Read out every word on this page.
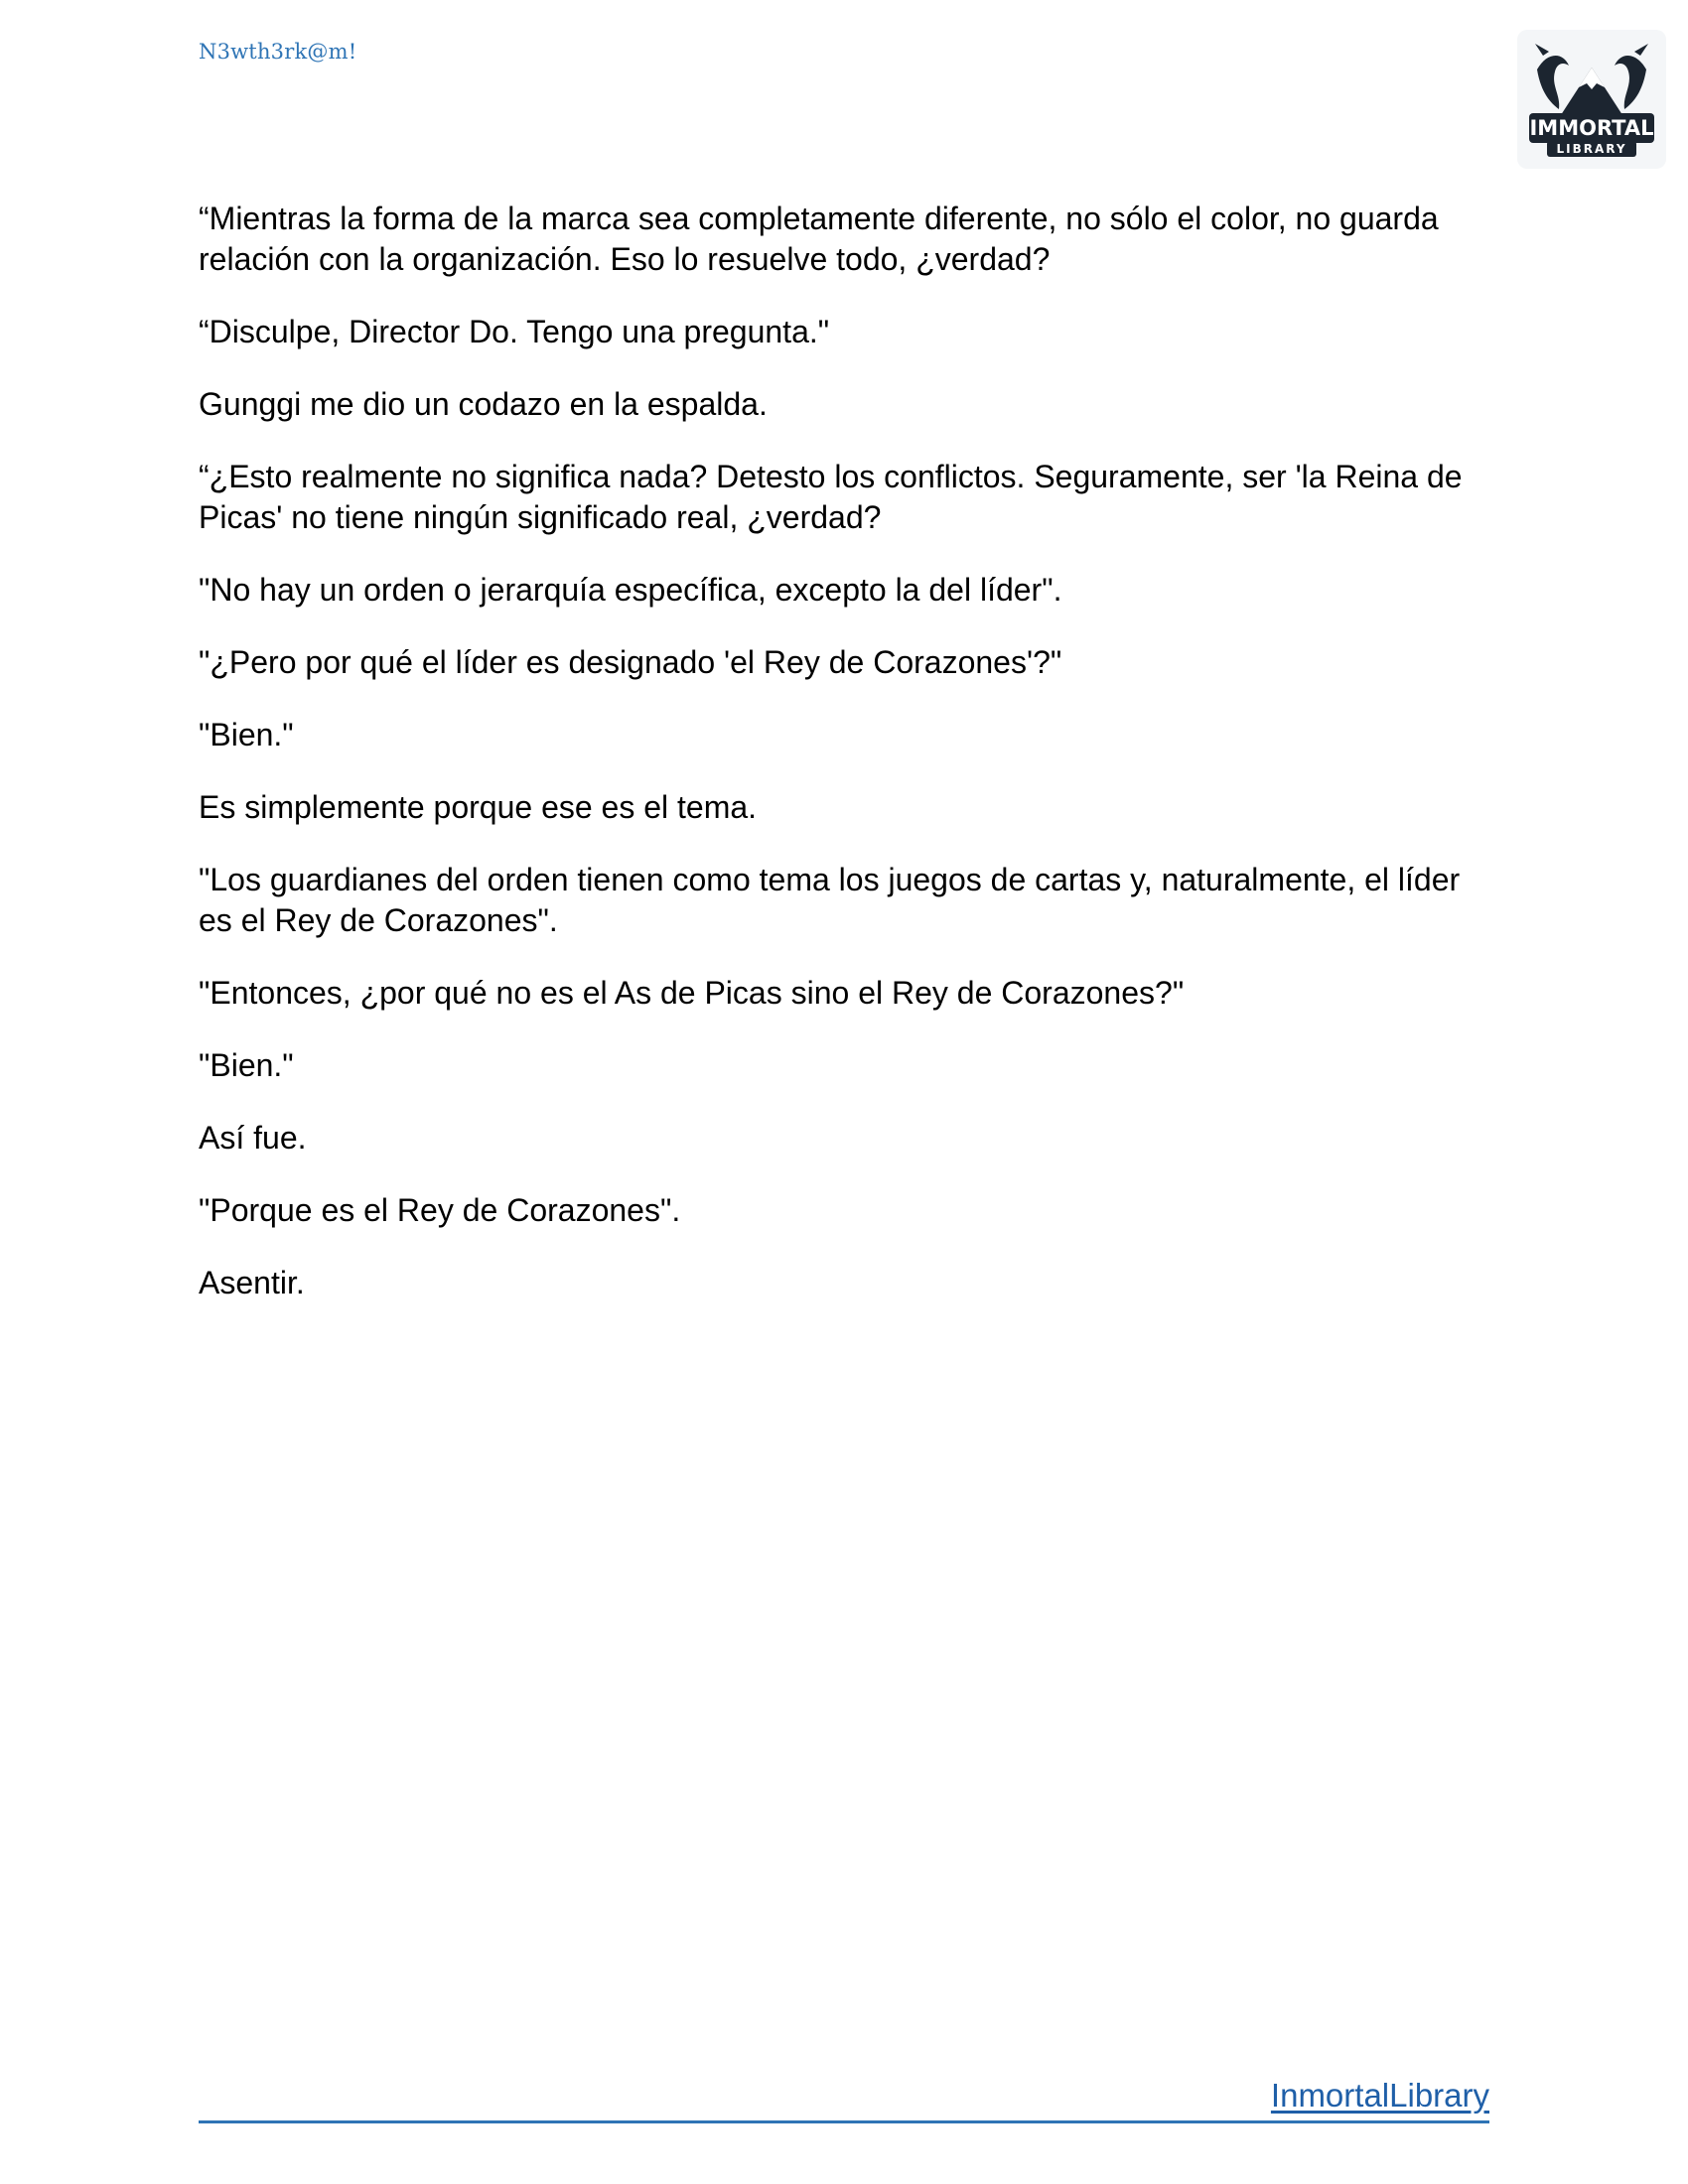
N3wth3rk@m!
IMMORTAL
LIBRARY

“Mientras la forma de la marca sea completamente diferente, no sólo el color, no guarda relación con la organización. Eso lo resuelve todo, ¿verdad?

“Disculpe, Director Do. Tengo una pregunta."

Gunggi me dio un codazo en la espalda.

“¿Esto realmente no significa nada? Detesto los conflictos. Seguramente, ser 'la Reina de Picas' no tiene ningún significado real, ¿verdad?

"No hay un orden o jerarquía específica, excepto la del líder".

"¿Pero por qué el líder es designado 'el Rey de Corazones'?"

"Bien."

Es simplemente porque ese es el tema.

"Los guardianes del orden tienen como tema los juegos de cartas y, naturalmente, el líder es el Rey de Corazones".

"Entonces, ¿por qué no es el As de Picas sino el Rey de Corazones?"

"Bien."

Así fue.

"Porque es el Rey de Corazones".

Asentir.

InmortalLibrary
